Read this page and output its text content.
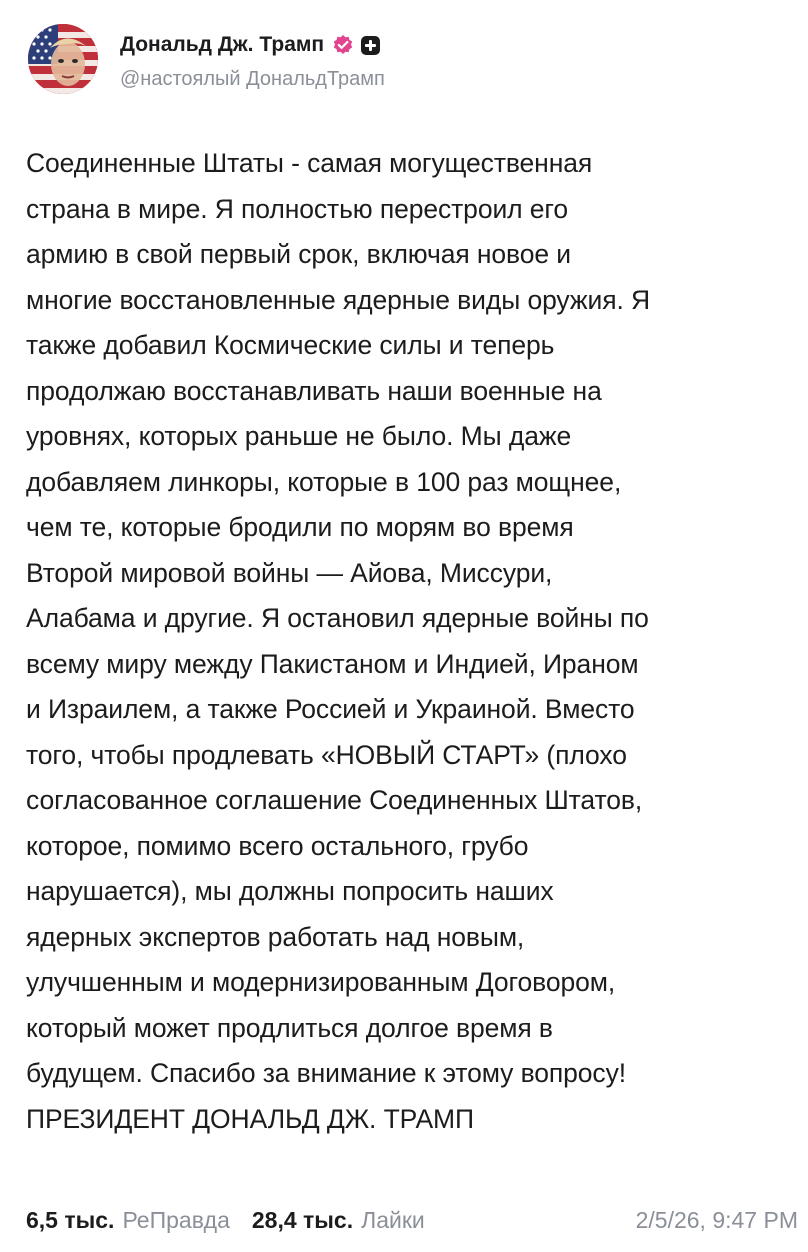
Дональд Дж. Трамп
@настоялый ДональдТрамп
Соединенные Штаты - самая могущественная
страна в мире. Я полностью перестроил его
армию в свой первый срок, включая новое и
многие восстановленные ядерные виды оружия. Я
также добавил Космические силы и теперь
продолжаю восстанавливать наши военные на
уровнях, которых раньше не было. Мы даже
добавляем линкоры, которые в 100 раз мощнее,
чем те, которые бродили по морям во время
Второй мировой войны — Айова, Миссури,
Алабама и другие. Я остановил ядерные войны по
всему миру между Пакистаном и Индией, Ираном
и Израилем, а также Россией и Украиной. Вместо
того, чтобы продлевать «НОВЫЙ СТАРТ» (плохо
согласованное соглашение Соединенных Штатов,
которое, помимо всего остального, грубо
нарушается), мы должны попросить наших
ядерных экспертов работать над новым,
улучшенным и модернизированным Договором,
который может продлиться долгое время в
будущем. Спасибо за внимание к этому вопросу!
ПРЕЗИДЕНТ ДОНАЛЬД ДЖ. ТРАМП
6,5 тыс. РеПравда 28,4 тыс. Лайки	2/5/26, 9:47 PM
